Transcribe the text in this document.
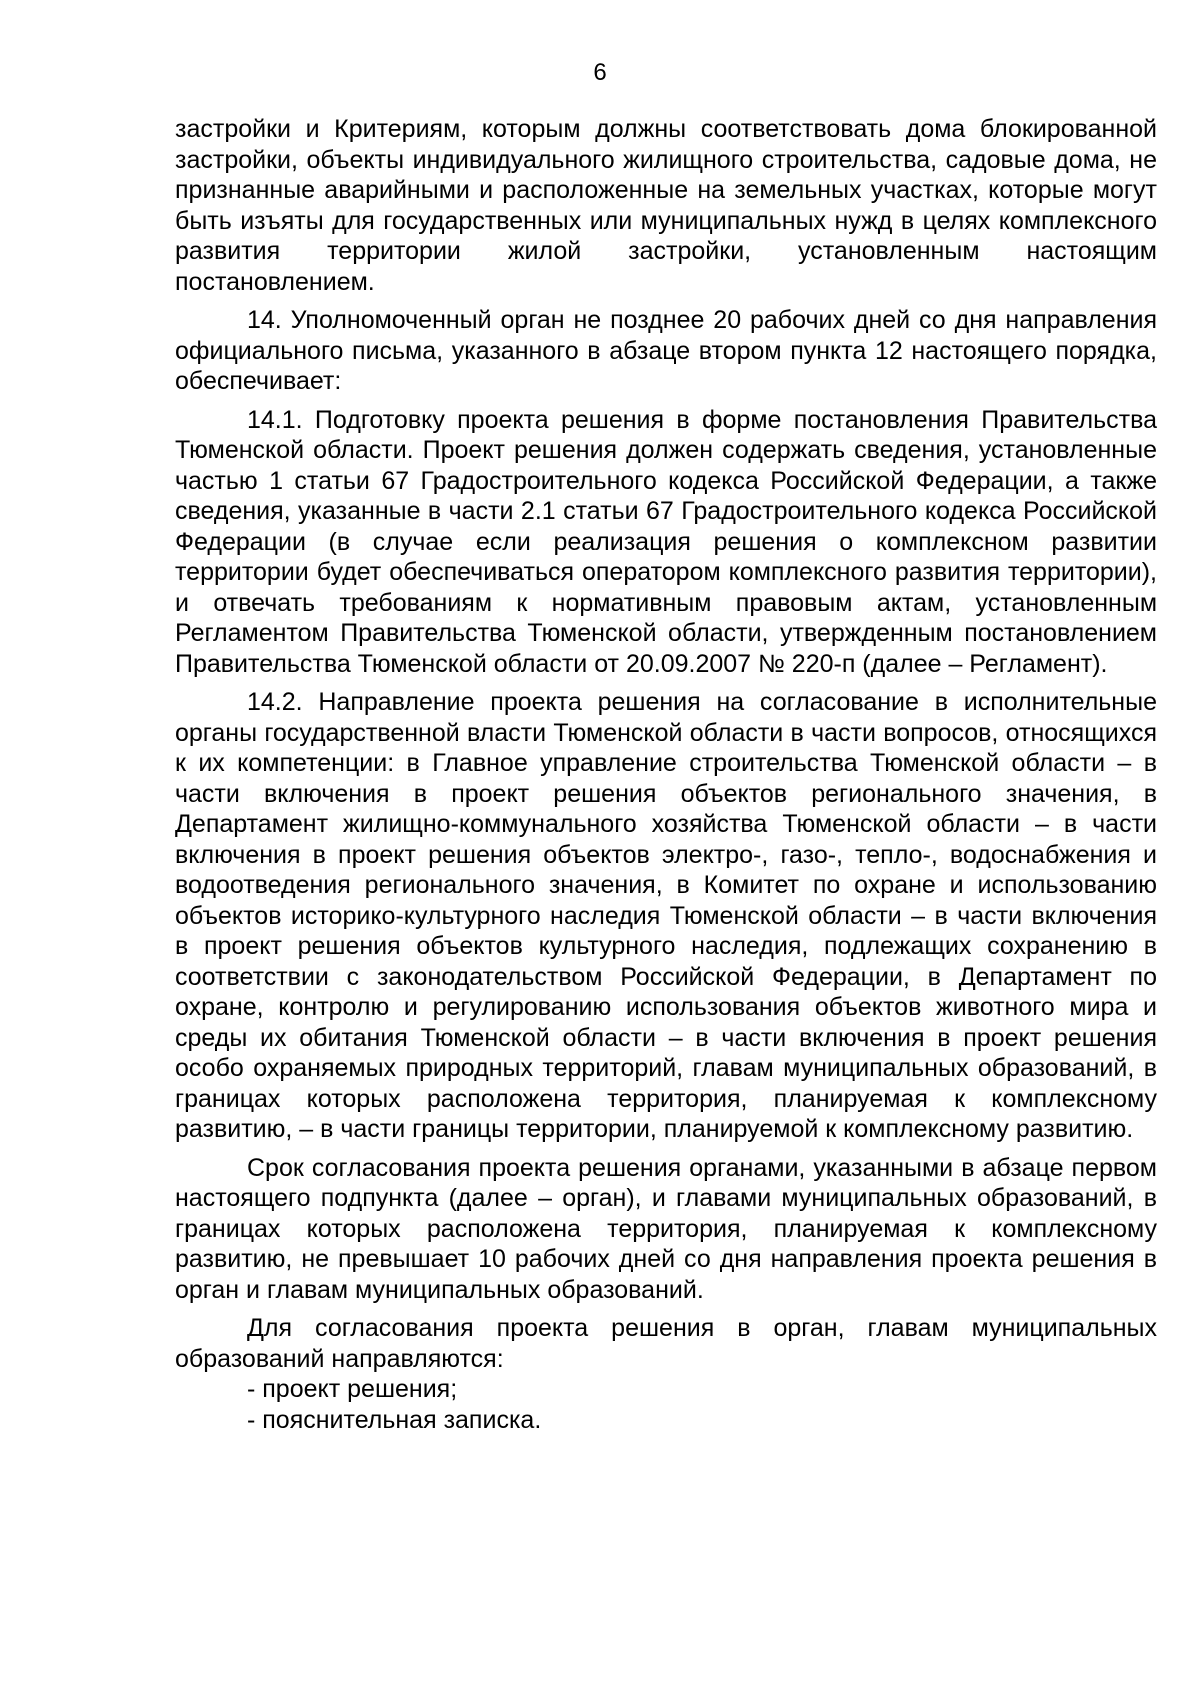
6

застройки и Критериям, которым должны соответствовать дома блокированной застройки, объекты индивидуального жилищного строительства, садовые дома, не признанные аварийными и расположенные на земельных участках, которые могут быть изъяты для государственных или муниципальных нужд в целях комплексного развития территории жилой застройки, установленным настоящим постановлением.

14. Уполномоченный орган не позднее 20 рабочих дней со дня направления официального письма, указанного в абзаце втором пункта 12 настоящего порядка, обеспечивает:

14.1. Подготовку проекта решения в форме постановления Правительства Тюменской области. Проект решения должен содержать сведения, установленные частью 1 статьи 67 Градостроительного кодекса Российской Федерации, а также сведения, указанные в части 2.1 статьи 67 Градостроительного кодекса Российской Федерации (в случае если реализация решения о комплексном развитии территории будет обеспечиваться оператором комплексного развития территории), и отвечать требованиям к нормативным правовым актам, установленным Регламентом Правительства Тюменской области, утвержденным постановлением Правительства Тюменской области от 20.09.2007 № 220-п (далее – Регламент).

14.2. Направление проекта решения на согласование в исполнительные органы государственной власти Тюменской области в части вопросов, относящихся к их компетенции: в Главное управление строительства Тюменской области – в части включения в проект решения объектов регионального значения, в Департамент жилищно-коммунального хозяйства Тюменской области – в части включения в проект решения объектов электро-, газо-, тепло-, водоснабжения и водоотведения регионального значения, в Комитет по охране и использованию объектов историко-культурного наследия Тюменской области – в части включения в проект решения объектов культурного наследия, подлежащих сохранению в соответствии с законодательством Российской Федерации, в Департамент по охране, контролю и регулированию использования объектов животного мира и среды их обитания Тюменской области – в части включения в проект решения особо охраняемых природных территорий, главам муниципальных образований, в границах которых расположена территория, планируемая к комплексному развитию, – в части границы территории, планируемой к комплексному развитию.

Срок согласования проекта решения органами, указанными в абзаце первом настоящего подпункта (далее – орган), и главами муниципальных образований, в границах которых расположена территория, планируемая к комплексному развитию, не превышает 10 рабочих дней со дня направления проекта решения в орган и главам муниципальных образований.

Для согласования проекта решения в орган, главам муниципальных образований направляются:

- проект решения;

- пояснительная записка.
